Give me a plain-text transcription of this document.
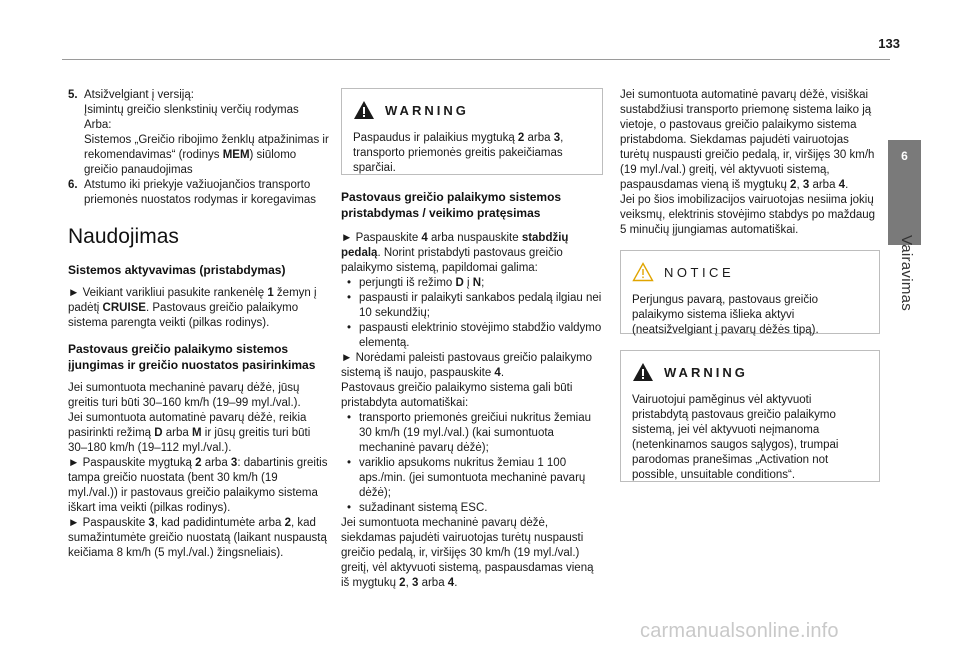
133
6
Vairavimas
5. Atsižvelgiant į versiją:

Įsimintų greičio slenkstinių verčių rodymas

Arba:

Sistemos „Greičio ribojimo ženklų atpažinimas ir rekomendavimas“ (rodinys MEM) siūlomo greičio panaudojimas

6. Atstumo iki priekyje važiuojančios transporto priemonės nuostatos rodymas ir koregavimas

Naudojimas
Sistemos aktyvavimas (pristabdymas)

► Veikiant varikliui pasukite rankenėlę 1 žemyn į padėtį CRUISE. Pastovaus greičio palaikymo sistema parengta veikti (pilkas rodinys).

Pastovaus greičio palaikymo sistemos įjungimas ir greičio nuostatos pasirinkimas

Jei sumontuota mechaninė pavarų dėžė, jūsų greitis turi būti 30–160 km/h (19–99 myl./val.).

Jei sumontuota automatinė pavarų dėžė, reikia pasirinkti režimą D arba M ir jūsų greitis turi būti 30–180 km/h (19–112 myl./val.).

► Paspauskite mygtuką 2 arba 3: dabartinis greitis tampa greičio nuostata (bent 30 km/h (19 myl./val.)) ir pastovaus greičio palaikymo sistema iškart ima veikti (pilkas rodinys).

► Paspauskite 3, kad padidintumėte arba 2, kad sumažintumėte greičio nuostatą (laikant nuspaustą keičiama 8 km/h (5 myl./val.) žingsneliais).

WARNING

Paspaudus ir palaikius mygtuką 2 arba 3, transporto priemonės greitis pakeičiamas sparčiai.

Pastovaus greičio palaikymo sistemos pristabdymas / veikimo pratęsimas

► Paspauskite 4 arba nuspauskite stabdžių pedalą. Norint pristabdyti pastovaus greičio palaikymo sistemą, papildomai galima:

• perjungti iš režimo D į N;
• paspausti ir palaikyti sankabos pedalą ilgiau nei 10 sekundžių;
• paspausti elektrinio stovėjimo stabdžio valdymo elementą.

► Norėdami paleisti pastovaus greičio palaikymo sistemą iš naujo, paspauskite 4.

Pastovaus greičio palaikymo sistema gali būti pristabdyta automatiškai:

• transporto priemonės greičiui nukritus žemiau 30 km/h (19 myl./val.) (kai sumontuota mechaninė pavarų dėžė);
• variklio apsukoms nukritus žemiau 1 100 aps./min. (jei sumontuota mechaninė pavarų dėžė);
• sužadinant sistemą ESC.

Jei sumontuota mechaninė pavarų dėžė, siekdamas pajudėti vairuotojas turėtų nuspausti greičio pedalą, ir, viršijęs 30 km/h (19 myl./val.) greitį, vėl aktyvuoti sistemą, paspausdamas vieną iš mygtukų 2, 3 arba 4.

Jei sumontuota automatinė pavarų dėžė, visiškai sustabdžiusi transporto priemonę sistema laiko ją vietoje, o pastovaus greičio palaikymo sistema pristabdoma. Siekdamas pajudėti vairuotojas turėtų nuspausti greičio pedalą, ir, viršijęs 30 km/h (19 myl./val.) greitį, vėl aktyvuoti sistemą, paspausdamas vieną iš mygtukų 2, 3 arba 4.

Jei po šios imobilizacijos vairuotojas nesiima jokių veiksmų, elektrinis stovėjimo stabdys po maždaug 5 minučių įjungiamas automatiškai.

NOTICE

Perjungus pavarą, pastovaus greičio palaikymo sistema išlieka aktyvi (neatsižvelgiant į pavarų dėžės tipą).

WARNING

Vairuotojui paměginus vėl aktyvuoti pristabdytą pastovaus greičio palaikymo sistemą, jei vėl aktyvuoti neįmanoma (netenkinamos saugos sąlygos), trumpai parodomas pranešimas „Activation not possible, unsuitable conditions“.

carmanualsonline.info
